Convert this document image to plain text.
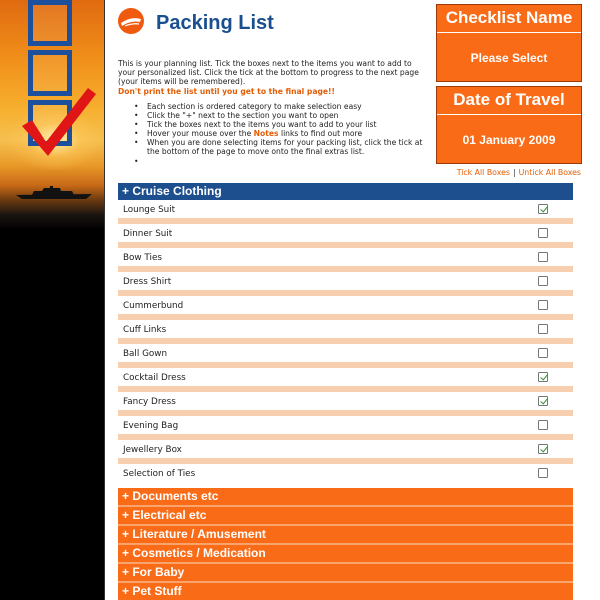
Packing List	Checklist Name
Please Select
Date of Travel
01 January 2009
This is your planning list. Tick the boxes next to the items you want to add to your personalized list. Click the tick at the bottom to progress to the next page (your items will be remembered).
Don't print the list until you get to the final page!!
• Each section is ordered category to make selection easy
• Click the "+" next to the section you want to open
• Tick the boxes next to the items you want to add to your list
• Hover your mouse over the Notes links to find out more
• When you are done selecting items for your packing list, click the tick at the bottom of the page to move onto the final extras list.
Tick All Boxes | Untick All Boxes
+ Cruise Clothing
Lounge Suit
Dinner Suit
Bow Ties
Dress Shirt
Cummerbund
Cuff Links
Ball Gown
Cocktail Dress
Fancy Dress
Evening Bag
Jewellery Box
Selection of Ties
+ Documents etc
+ Electrical etc
+ Literature / Amusement
+ Cosmetics / Medication
+ For Baby
+ Pet Stuff
